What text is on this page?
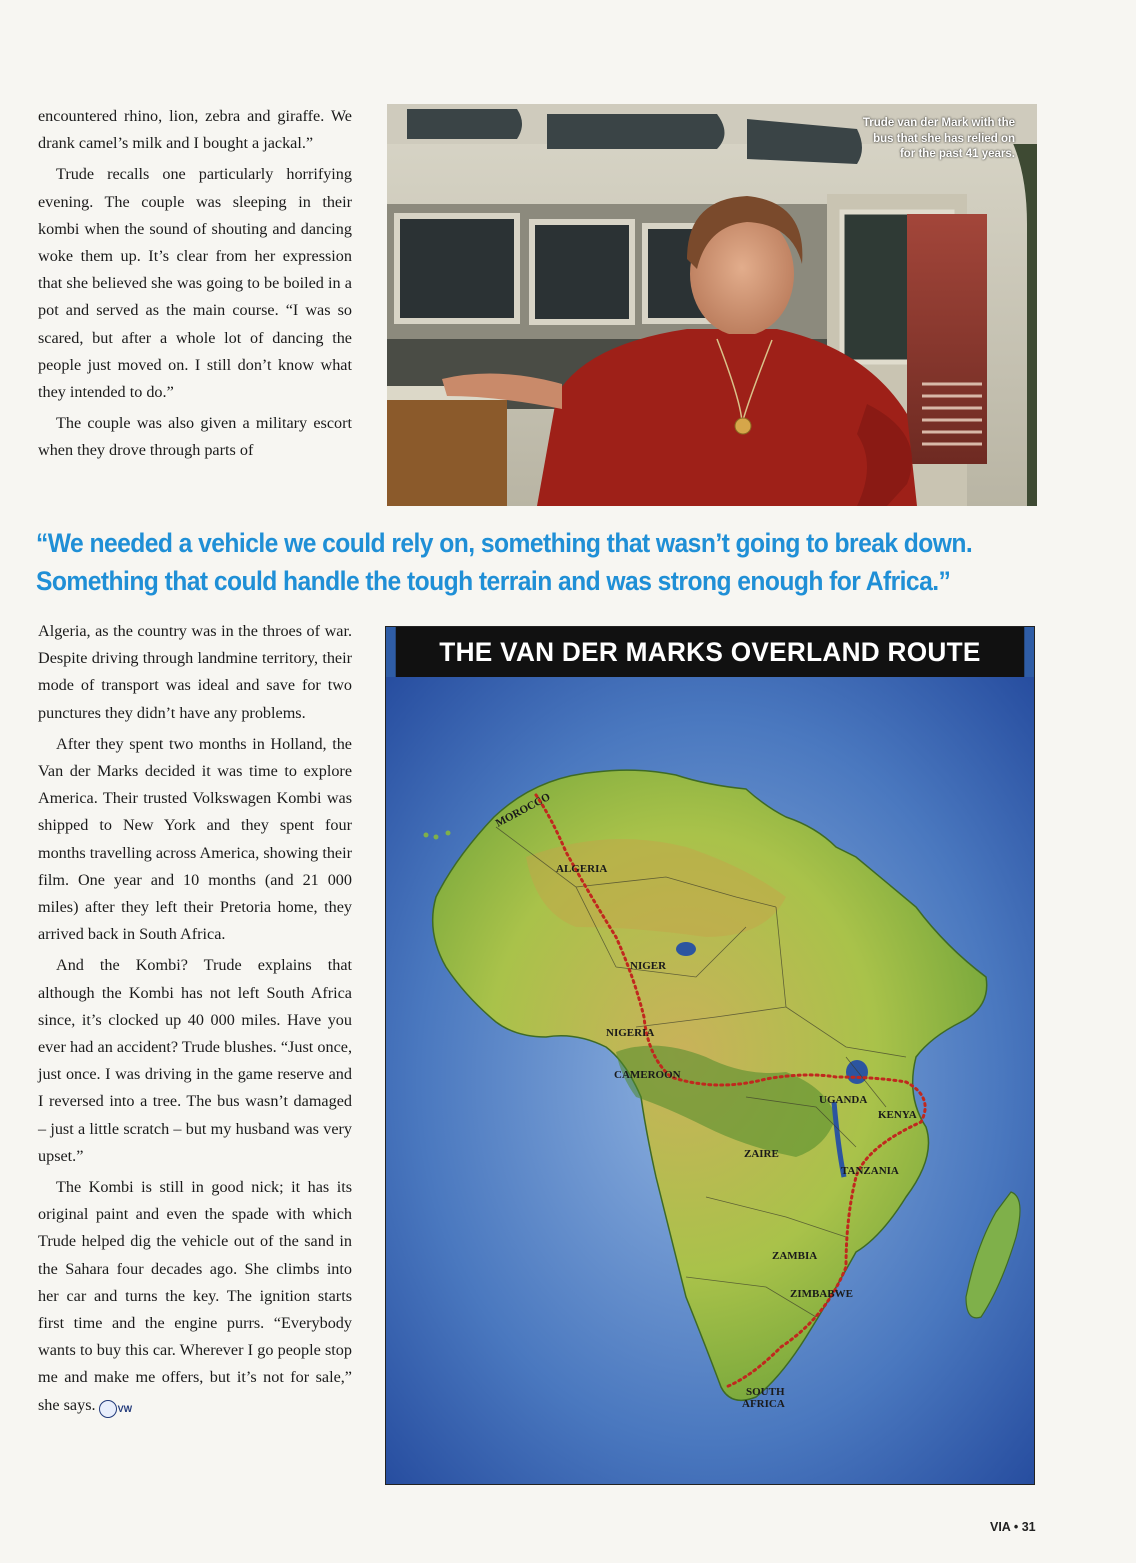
encountered rhino, lion, zebra and giraffe. We drank camel’s milk and I bought a jackal.”

Trude recalls one particularly horrifying evening. The couple was sleeping in their kombi when the sound of shouting and dancing woke them up. It’s clear from her expression that she believed she was going to be boiled in a pot and served as the main course. “I was so scared, but after a whole lot of dancing the people just moved on. I still don’t know what they intended to do.”

The couple was also given a military escort when they drove through parts of

Trude van der Mark with the
bus that she has relied on
for the past 41 years.
“We needed a vehicle we could rely on, something that wasn’t going to break down.
Something that could handle the tough terrain and was strong enough for Africa.”

Algeria, as the country was in the throes of war. Despite driving through landmine territory, their mode of transport was ideal and save for two punctures they didn’t have any problems.

After they spent two months in Holland, the Van der Marks decided it was time to explore America. Their trusted Volkswagen Kombi was shipped to New York and they spent four months travelling across America, showing their film. One year and 10 months (and 21 000 miles) after they left their Pretoria home, they arrived back in South Africa.

And the Kombi? Trude explains that although the Kombi has not left South Africa since, it’s clocked up 40 000 miles. Have you ever had an accident? Trude blushes. “Just once, just once. I was driving in the game reserve and I reversed into a tree. The bus wasn’t damaged – just a little scratch – but my husband was very upset.”

The Kombi is still in good nick; it has its original paint and even the spade with which Trude helped dig the vehicle out of the sand in the Sahara four decades ago. She climbs into her car and turns the key. The ignition starts first time and the engine purrs. “Everybody wants to buy this car. Wherever I go people stop me and make me offers, but it’s not for sale,” she says. VW

THE VAN DER MARKS OVERLAND ROUTE
MOROCCO
ALGERIA
NIGER
NIGERIA
CAMEROON
UGANDA
KENYA
ZAIRE
TANZANIA
ZAMBIA
ZIMBABWE
SOUTH
AFRICA
VIA • 31
